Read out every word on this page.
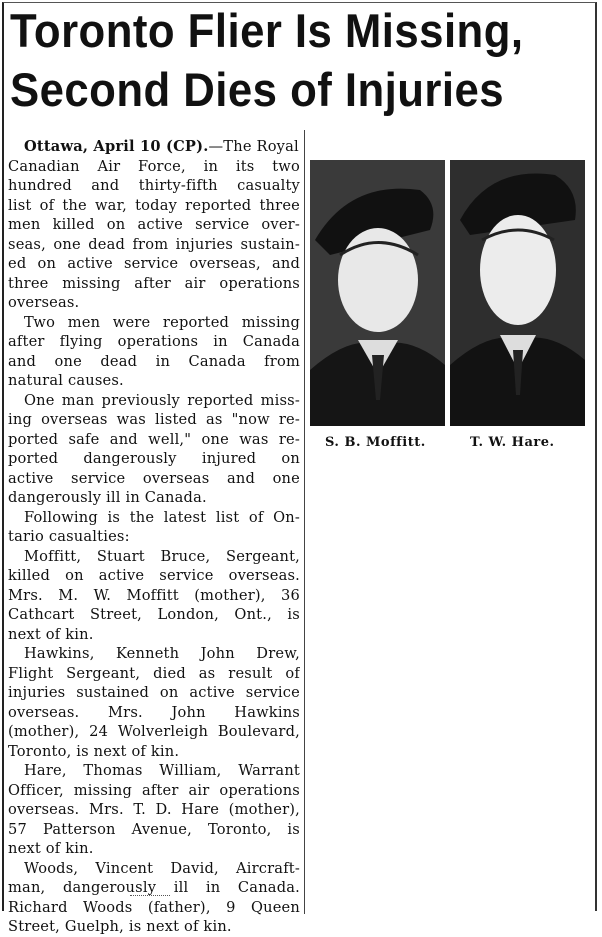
Toronto Flier Is Missing,
Second Dies of Injuries
Ottawa, April 10 (CP).—The Royal
Canadian Air Force, in its two
hundred and thirty-fifth casualty
list of the war, today reported three
men killed on active service over-
seas, one dead from injuries sustain-
ed on active service overseas, and
three missing after air operations
overseas.
Two men were reported missing
after flying operations in Canada
and one dead in Canada from
natural causes.
One man previously reported miss-
ing overseas was listed as "now re-
ported safe and well," one was re-
ported dangerously injured on
active service overseas and one
dangerously ill in Canada.
Following is the latest list of On-
tario casualties:
Moffitt, Stuart Bruce, Sergeant,
killed on active service overseas.
Mrs. M. W. Moffitt (mother), 36
Cathcart Street, London, Ont., is
next of kin.
Hawkins, Kenneth John Drew,
Flight Sergeant, died as result of
injuries sustained on active service
overseas. Mrs. John Hawkins
(mother), 24 Wolverleigh Boulevard,
Toronto, is next of kin.
Hare, Thomas William, Warrant
Officer, missing after air operations
overseas. Mrs. T. D. Hare (mother),
57 Patterson Avenue, Toronto, is
next of kin.
Woods, Vincent David, Aircraft-
man, dangerously ill in Canada.
Richard Woods (father), 9 Queen
Street, Guelph, is next of kin.
S. B. Moffitt.	T. W. Hare.
